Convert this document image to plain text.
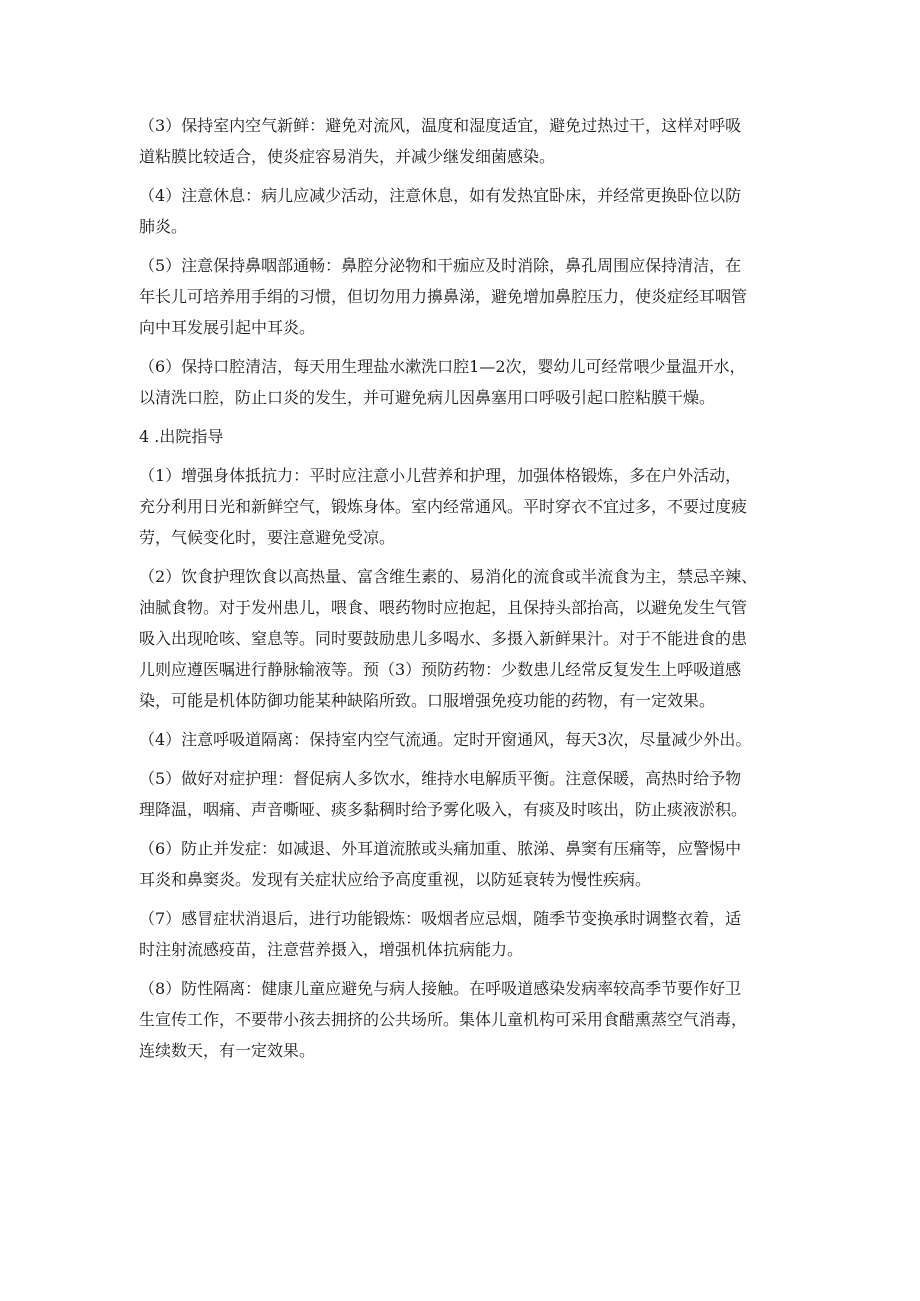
（3）保持室内空气新鲜：避免对流风，温度和湿度适宜，避免过热过干，这样对呼吸
道粘膜比较适合，使炎症容易消失，并减少继发细菌感染。
（4）注意休息：病儿应减少活动，注意休息，如有发热宜卧床，并经常更换卧位以防
肺炎。
（5）注意保持鼻咽部通畅：鼻腔分泌物和干痂应及时消除，鼻孔周围应保持清洁，在
年长儿可培养用手绢的习惯，但切勿用力擤鼻涕，避免增加鼻腔压力，使炎症经耳咽管
向中耳发展引起中耳炎。
（6）保持口腔清洁，每天用生理盐水漱洗口腔1—2次，婴幼儿可经常喂少量温开水，
以清洗口腔，防止口炎的发生，并可避免病儿因鼻塞用口呼吸引起口腔粘膜干燥。
4 .出院指导
（1）增强身体抵抗力：平时应注意小儿营养和护理，加强体格锻炼，多在户外活动，
充分利用日光和新鲜空气，锻炼身体。室内经常通风。平时穿衣不宜过多，不要过度疲
劳，气候变化时，要注意避免受凉。
（2）饮食护理饮食以高热量、富含维生素的、易消化的流食或半流食为主，禁忌辛辣、
油腻食物。对于发州患儿，喂食、喂药物时应抱起，且保持头部抬高，以避免发生气管
吸入出现呛咳、窒息等。同时要鼓励患儿多喝水、多摄入新鲜果汁。对于不能进食的患
儿则应遵医嘱进行静脉输液等。预（3）预防药物：少数患儿经常反复发生上呼吸道感
染，可能是机体防御功能某种缺陷所致。口服增强免疫功能的药物，有一定效果。
（4）注意呼吸道隔离：保持室内空气流通。定时开窗通风，每天3次，尽量减少外出。
（5）做好对症护理：督促病人多饮水，维持水电解质平衡。注意保暖，高热时给予物
理降温，咽痛、声音嘶哑、痰多黏稠时给予雾化吸入，有痰及时咳出，防止痰液淤积。
（6）防止并发症：如减退、外耳道流脓或头痛加重、脓涕、鼻窦有压痛等，应警惕中
耳炎和鼻窦炎。发现有关症状应给予高度重视，以防延衰转为慢性疾病。
（7）感冒症状消退后，进行功能锻炼：吸烟者应忌烟，随季节变换承时调整衣着，适
时注射流感疫苗，注意营养摄入，增强机体抗病能力。
（8）防性隔离：健康儿童应避免与病人接触。在呼吸道感染发病率较高季节要作好卫
生宣传工作，不要带小孩去拥挤的公共场所。集体儿童机构可采用食醋熏蒸空气消毒，
连续数天，有一定效果。
